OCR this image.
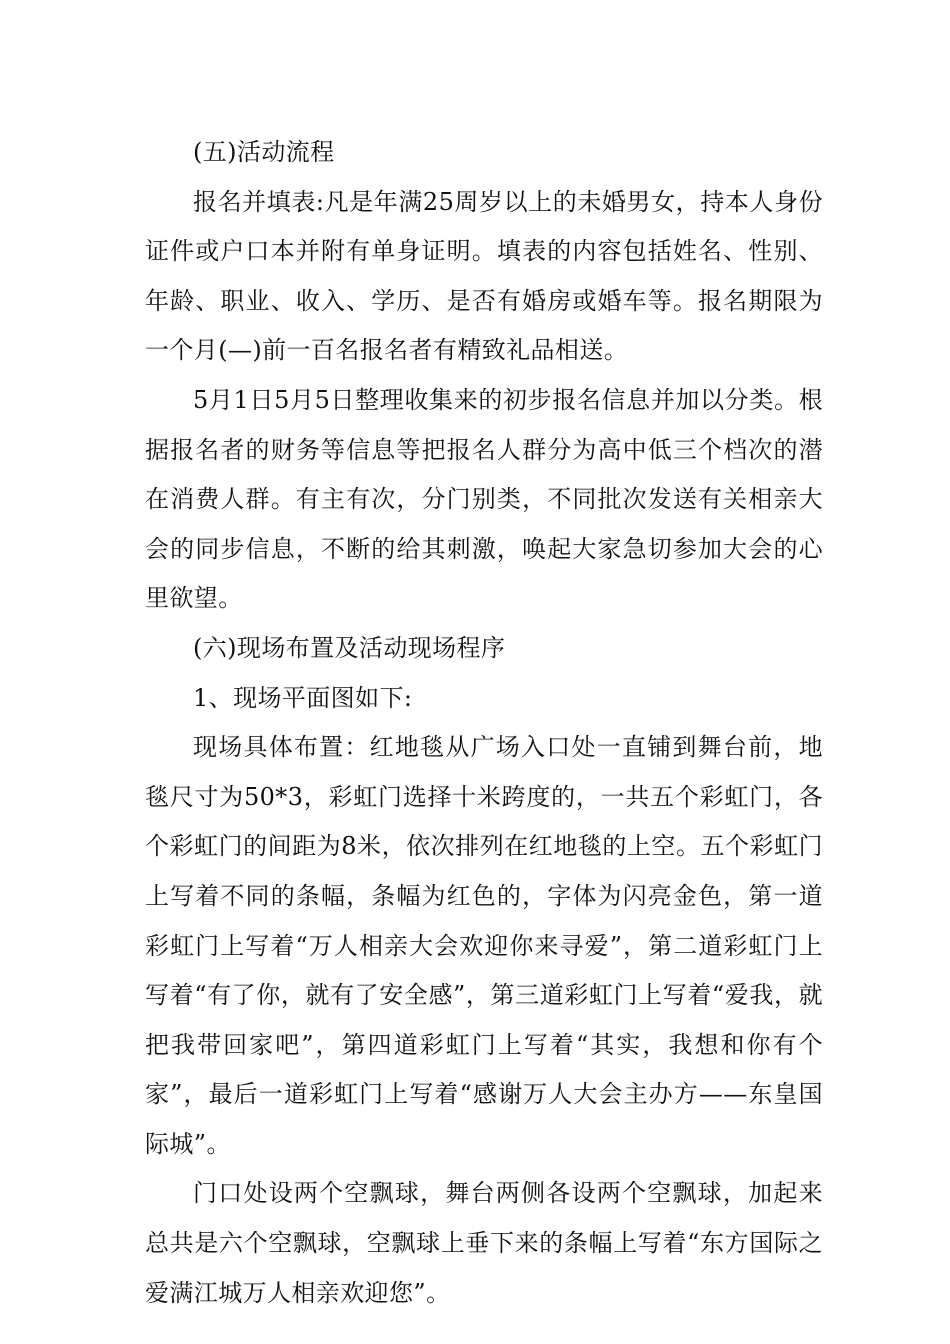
(五)活动流程

报名并填表:凡是年满25周岁以上的未婚男女，持本人身份证件或户口本并附有单身证明。填表的内容包括姓名、性别、年龄、职业、收入、学历、是否有婚房或婚车等。报名期限为一个月(—)前一百名报名者有精致礼品相送。

5月1日5月5日整理收集来的初步报名信息并加以分类。根据报名者的财务等信息等把报名人群分为高中低三个档次的潜在消费人群。有主有次，分门别类，不同批次发送有关相亲大会的同步信息，不断的给其刺激，唤起大家急切参加大会的心里欲望。

(六)现场布置及活动现场程序

1、现场平面图如下:

现场具体布置：红地毯从广场入口处一直铺到舞台前，地毯尺寸为50*3，彩虹门选择十米跨度的，一共五个彩虹门，各个彩虹门的间距为8米，依次排列在红地毯的上空。五个彩虹门上写着不同的条幅，条幅为红色的，字体为闪亮金色，第一道彩虹门上写着“万人相亲大会欢迎你来寻爱”，第二道彩虹门上写着“有了你，就有了安全感”，第三道彩虹门上写着“爱我，就把我带回家吧”，第四道彩虹门上写着“其实，我想和你有个家”，最后一道彩虹门上写着“感谢万人大会主办方——东皇国际城”。

门口处设两个空飘球，舞台两侧各设两个空飘球，加起来总共是六个空飘球，空飘球上垂下来的条幅上写着“东方国际之爱满江城万人相亲欢迎您”。
